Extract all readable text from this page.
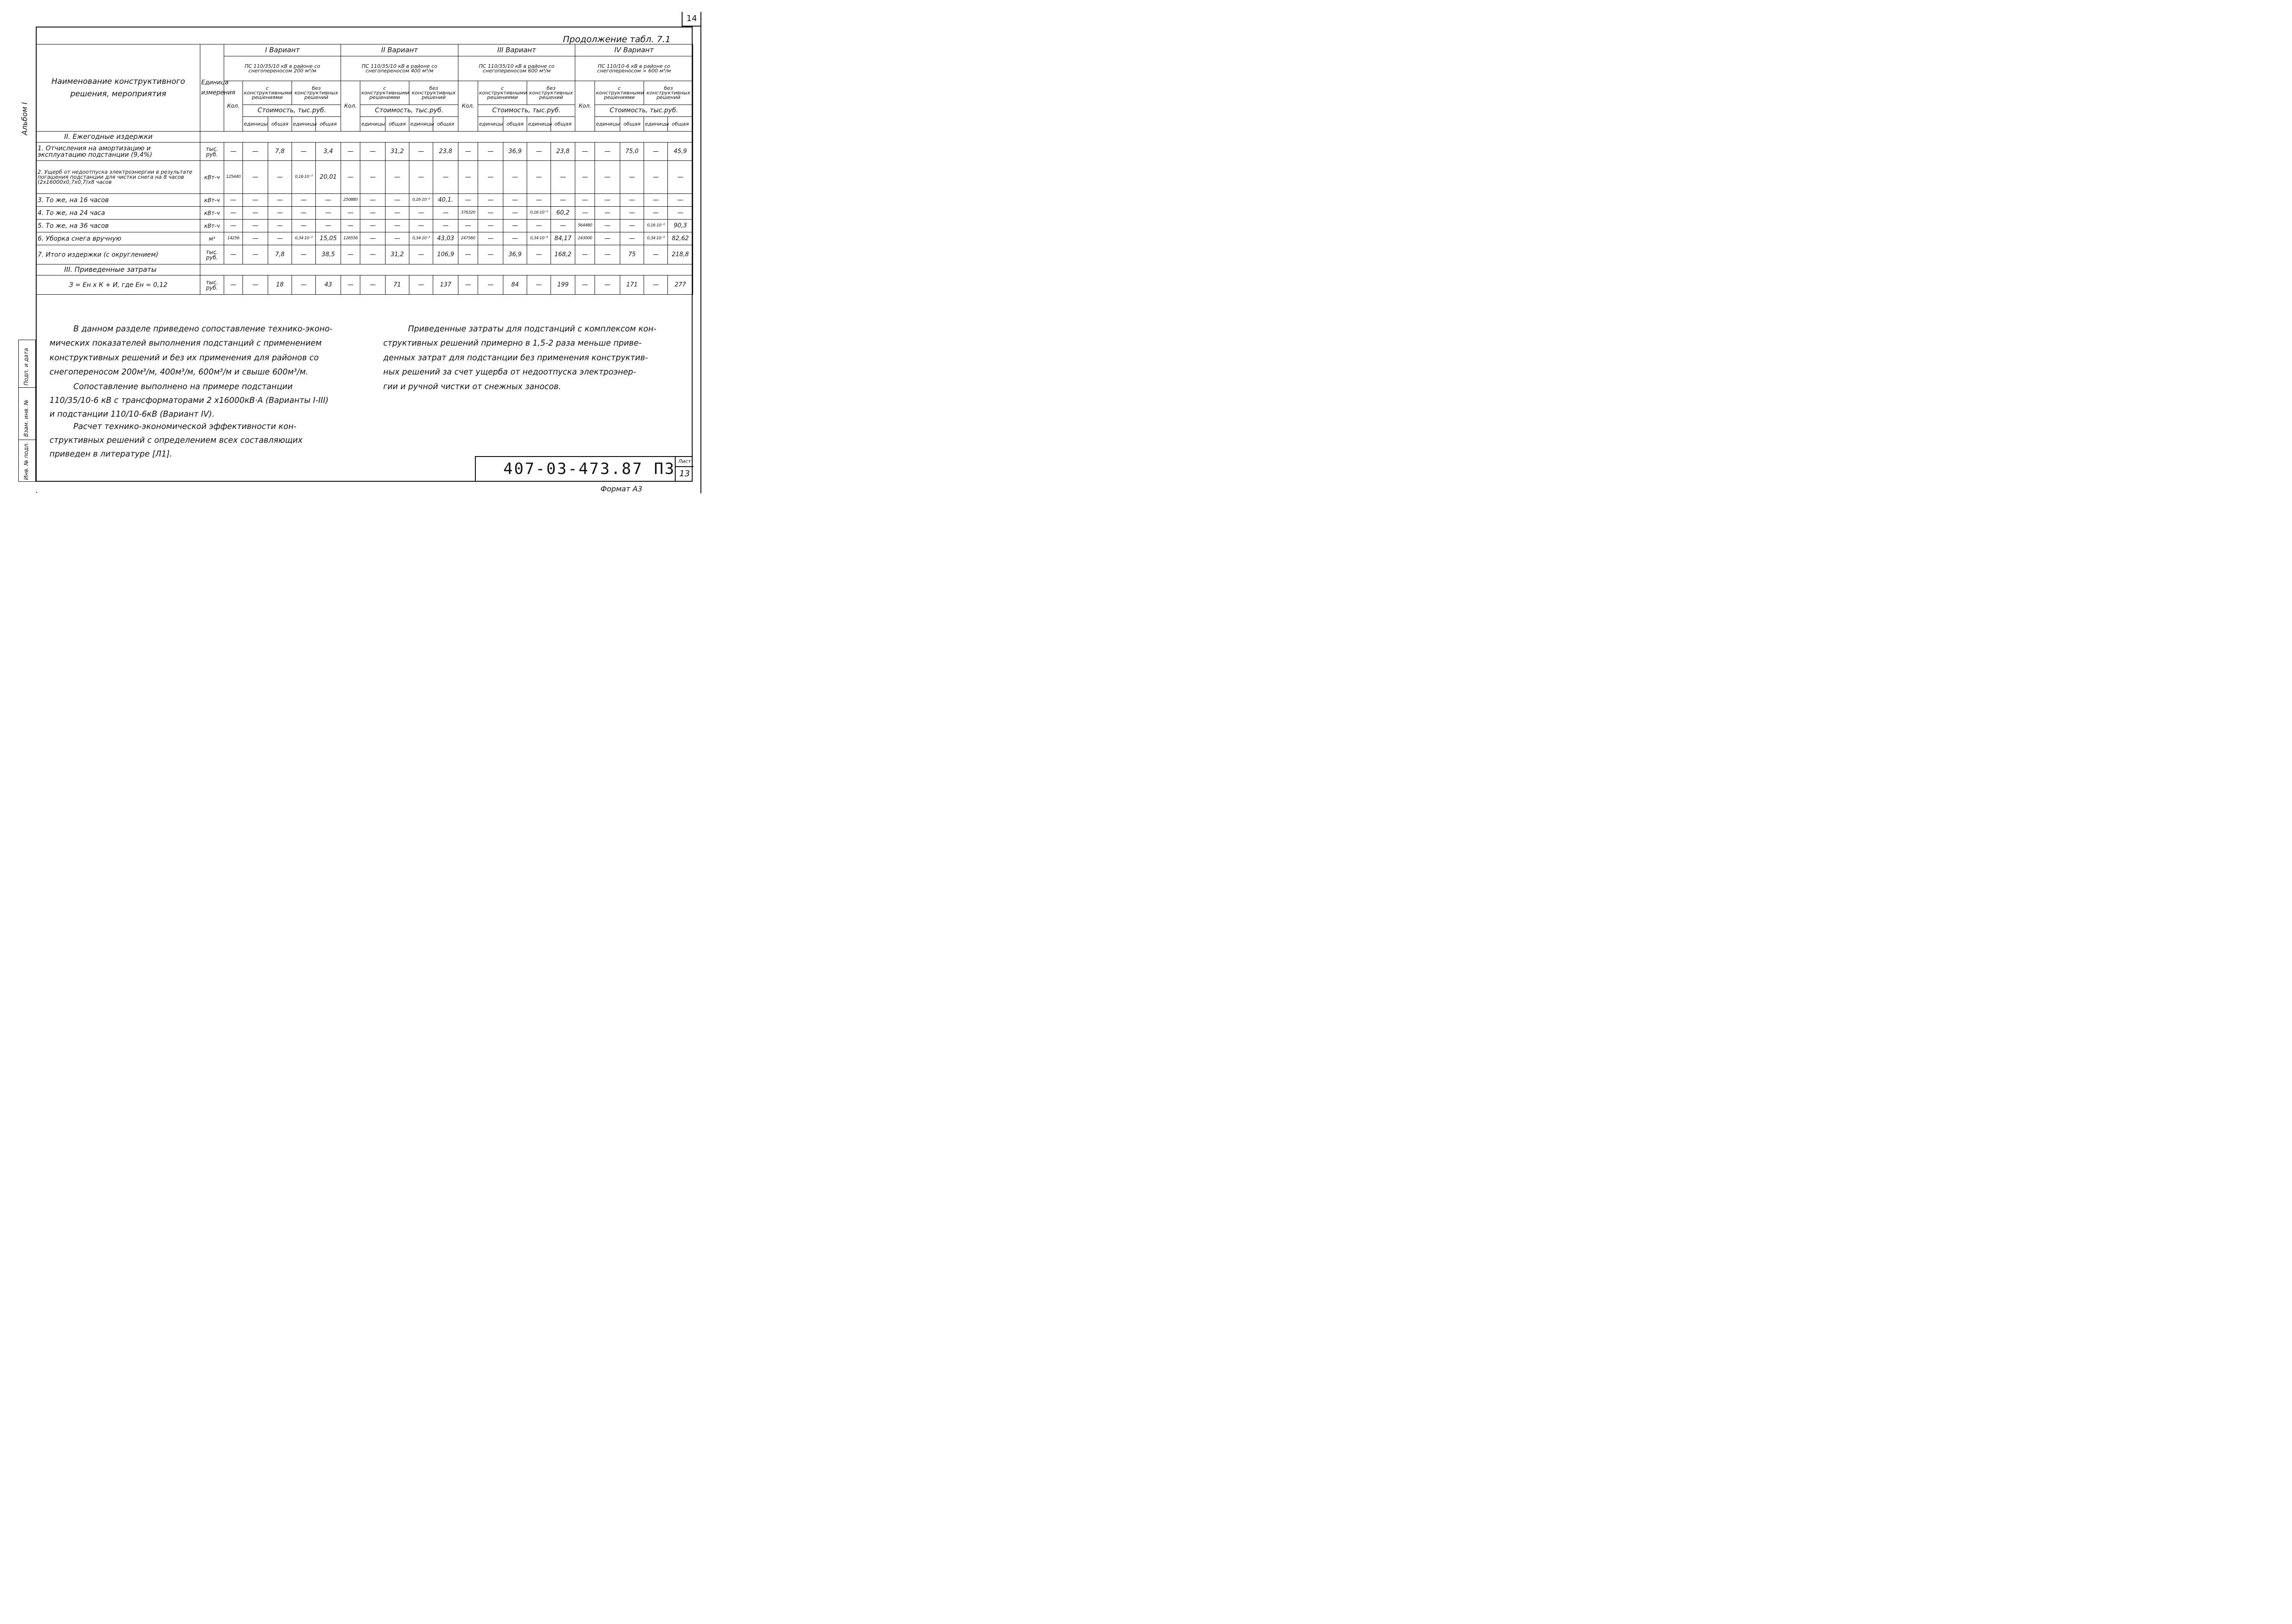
14
Продолжение табл. 7.1
Альбом I
Наименование конструктивного решения, мероприятия	Единица измерения	I Вариант					II Вариант					III Вариант					IV Вариант				
		ПС 110/35/10 кВ в районе со снегопереносом 200 м³/м					ПС 110/35/10 кВ в районе со снегопереносом 400 м³/м					ПС 110/35/10 кВ в районе со снегопереносом 600 м³/м					ПС 110/10-6 кВ в районе со снегопереносом > 600 м³/м				
		Кол.	с конструктивными решениями		без конструктивных решений		Кол.	с конструктивными решениями		без конструктивных решений		Кол.	с конструктивными решениями		без конструктивных решений		Кол.	с конструктивными решениями		без конструктивных решений	
			Стоимость, тыс.руб.					Стоимость, тыс.руб.					Стоимость, тыс.руб.					Стоимость, тыс.руб.			
			единицы	общая	единицы	общая		единицы	общая	единицы	общая		единицы	общая	единицы	общая		единицы	общая	единицы	общая
II. Ежегодные издержки																					
1. Отчисления на амортизацию и эксплуатацию подстанции (9,4%)	тыс. руб.	—	—	7,8	—	3,4	—	—	31,2	—	23,8	—	—	36,9	—	23,8	—	—	75,0	—	45,9
2. Ущерб от недоотпуска электроэнергии в результате погашения подстанции для чистки снега на 8 часов (2x16000x0,7x0,7)x8 часов	кВт-ч	125440	—	—	0,16·10⁻³	20,01	—	—	—	—	—	—	—	—	—	—	—	—	—	—	—
3. То же, на 16 часов	кВт-ч	—	—	—	—	—	250880	—	—	0,16·10⁻³	40,1.	—	—	—	—	—	—	—	—	—	—
4. То же, на 24 часа	кВт-ч	—	—	—	—	—	—	—	—	—	—	376320	—	—	0,16·10⁻³	60,2	—	—	—	—	—
5. То же, на 36 часов	кВт-ч	—	—	—	—	—	—	—	—	—	—	—	—	—	—	—	564480	—	—	0,16·10⁻³	90,3
6. Уборка снега вручную	м³	14256	—	—	0,34·10⁻³	15,05	126556	—	—	0,34·10⁻³	43,03	247560	—	—	0,34·10⁻³	84,17	243000	—	—	0,34·10⁻³	82,62
7. Итого издержки (с округлением)	тыс. руб.	—	—	7,8	—	38,5	—	—	31,2	—	106,9	—	—	36,9	—	168,2	—	—	75	—	218,8
III. Приведенные затраты																					
З = Ен x К + И, где Ен = 0,12	тыс. руб.	—	—	18	—	43	—	—	71	—	137	—	—	84	—	199	—	—	171	—	277
В данном разделе приведено сопоставление технико-эконо-
мических показателей выполнения подстанций с применением
конструктивных решений и без их применения для районов со
снегопереносом 200м³/м, 400м³/м, 600м³/м и свыше 600м³/м.
Сопоставление выполнено на примере подстанции
110/35/10-6 кВ с трансформаторами 2 x16000кВ·А (Варианты I-III)
и подстанции 110/10-6кВ (Вариант IV).
Расчет технико-экономической эффективности кон-
структивных решений с определением всех составляющих
приведен в литературе [Л1].
Приведенные затраты для подстанций с комплексом кон-
структивных решений примерно в 1,5-2 раза меньше приве-
денных затрат для подстанции без применения конструктив-
ных решений за счет ущерба от недоотпуска электроэнер-
гии и ручной чистки от снежных заносов.
Подп. и дата
Взам. инв. №
Инв. № подл.	407-03-473.87 ПЗ Лист
13
Формат А3
